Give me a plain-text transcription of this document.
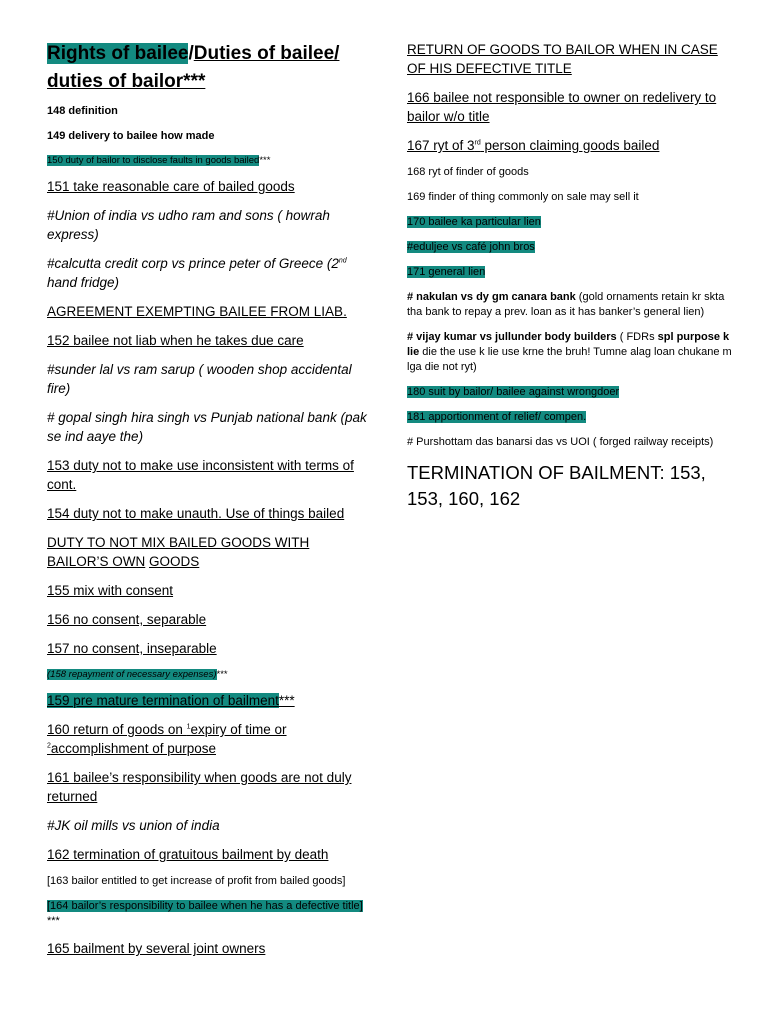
Rights of bailee/Duties of bailee/ duties of bailor***

148 definition

149 delivery to bailee how made

150 duty of bailor to disclose faults in goods bailed***

151 take reasonable care of bailed goods

#Union of india vs udho ram and sons ( howrah express)

#calcutta credit corp vs prince peter of Greece (2nd hand fridge)

AGREEMENT EXEMPTING BAILEE FROM LIAB.

152 bailee not liab when he takes due care

#sunder lal vs ram sarup ( wooden shop accidental fire)

# gopal singh hira singh vs Punjab national bank (pak se ind aaye the)

153 duty not to make use inconsistent with terms of cont.

154 duty not to make unauth. Use of things bailed

DUTY TO NOT MIX BAILED GOODS WITH BAILOR’S OWN GOODS

155 mix with consent

156 no consent, separable

157 no consent, inseparable

(158 repayment of necessary expenses)***

159 pre mature termination of bailment***

160 return of goods on $^1$expiry of time or $^2$accomplishment of purpose

161 bailee’s responsibility when goods are not duly returned

#JK oil mills vs union of india

162 termination of gratuitous bailment by death

[163 bailor entitled to get increase of profit from bailed goods]

[164 bailor’s responsibility to bailee when he has a defective title] ***

165 bailment by several joint owners

RETURN OF GOODS TO BAILOR WHEN IN CASE OF HIS DEFECTIVE TITLE

166 bailee not responsible to owner on redelivery to bailor w/o title

167 ryt of 3rd person claiming goods bailed

168 ryt of finder of goods

169 finder of thing commonly on sale may sell it

170 bailee ka particular lien

#eduljee vs café john bros

171 general lien

# nakulan vs dy gm canara bank (gold ornaments retain kr skta tha bank to repay a prev. loan as it has banker’s general lien)

# vijay kumar vs jullunder body builders ( FDRs spl purpose k lie die the use k lie use krne the bruh! Tumne alag loan chukane m lga die not ryt)

180 suit by bailor/ bailee against wrongdoer

181 apportionment of relief/ compen.

# Purshottam das banarsi das vs UOI ( forged railway receipts)

TERMINATION OF BAILMENT: 153, 153, 160, 162
